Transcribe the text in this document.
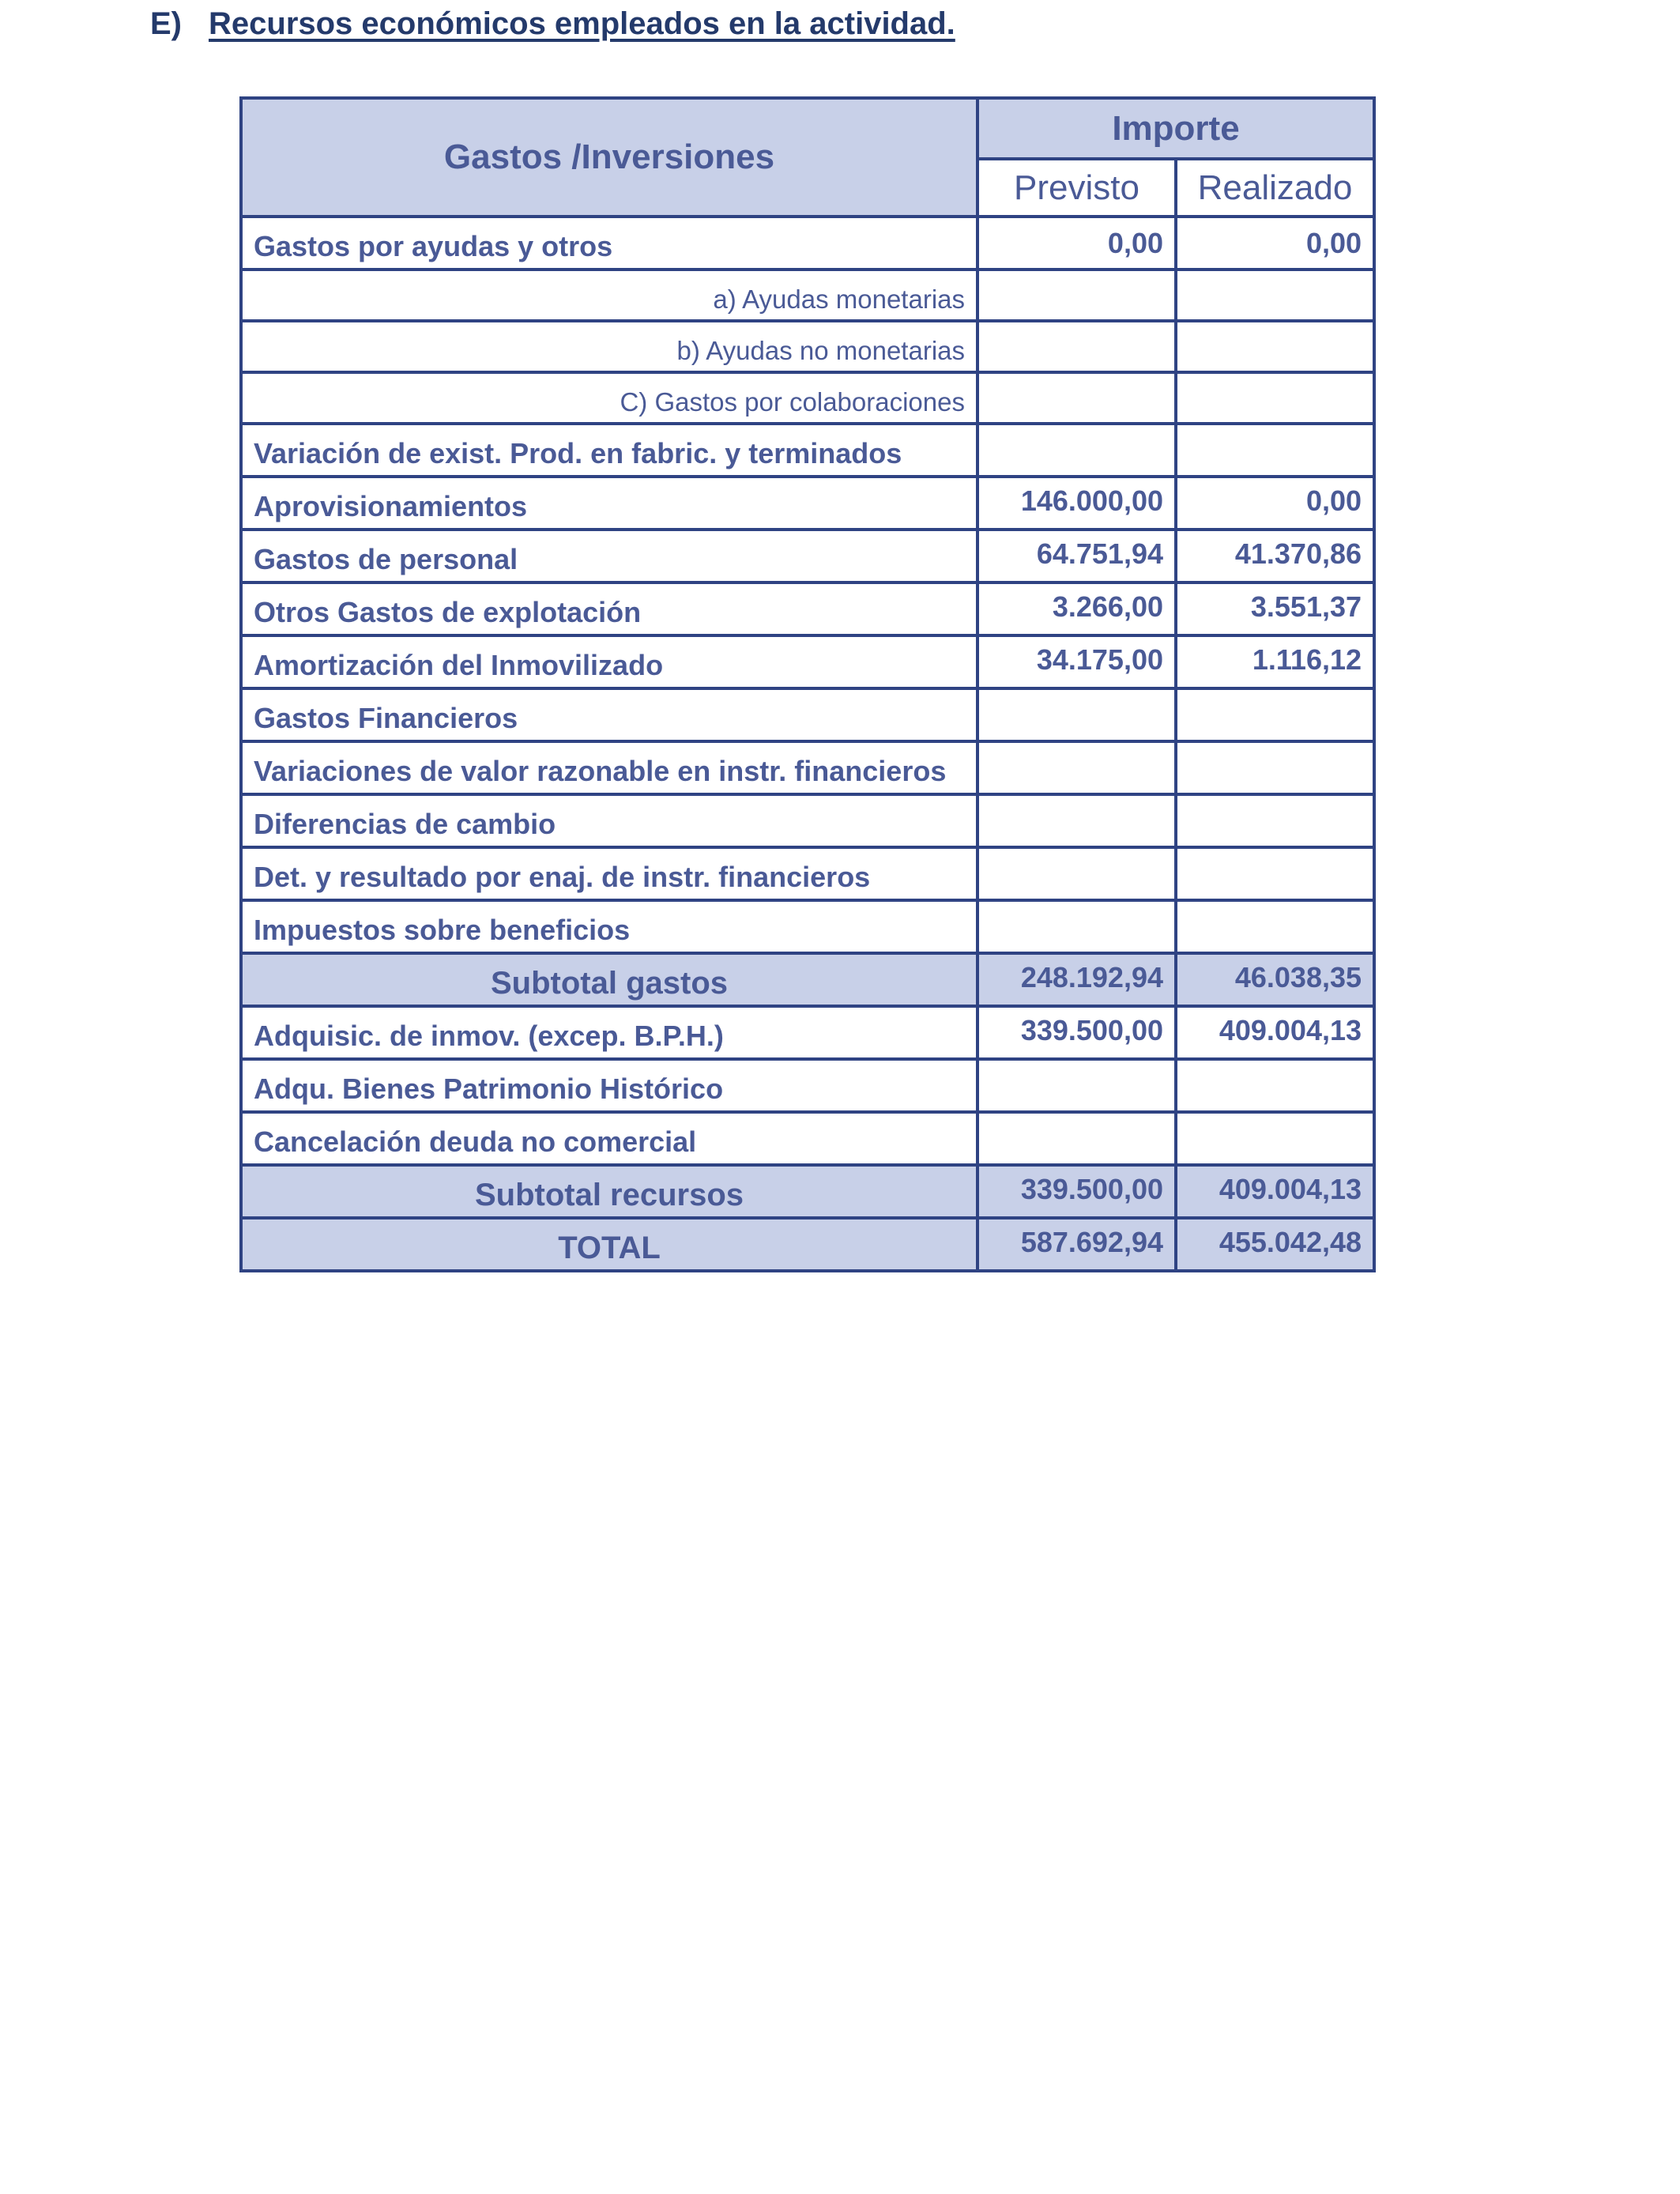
E) Recursos económicos empleados en la actividad.
Gastos /Inversiones	Importe	
	Previsto	Realizado
Gastos por ayudas y otros	0,00	0,00
a) Ayudas monetarias		
b) Ayudas no monetarias		
C) Gastos por colaboraciones		
Variación de exist. Prod. en fabric. y terminados		
Aprovisionamientos	146.000,00	0,00
Gastos de personal	64.751,94	41.370,86
Otros Gastos de explotación	3.266,00	3.551,37
Amortización del Inmovilizado	34.175,00	1.116,12
Gastos Financieros		
Variaciones de valor razonable en instr. financieros		
Diferencias de cambio		
Det. y resultado por enaj. de instr. financieros		
Impuestos sobre beneficios		
Subtotal gastos	248.192,94	46.038,35
Adquisic. de inmov. (excep. B.P.H.)	339.500,00	409.004,13
Adqu. Bienes Patrimonio Histórico		
Cancelación deuda no comercial		
Subtotal recursos	339.500,00	409.004,13
TOTAL	587.692,94	455.042,48
